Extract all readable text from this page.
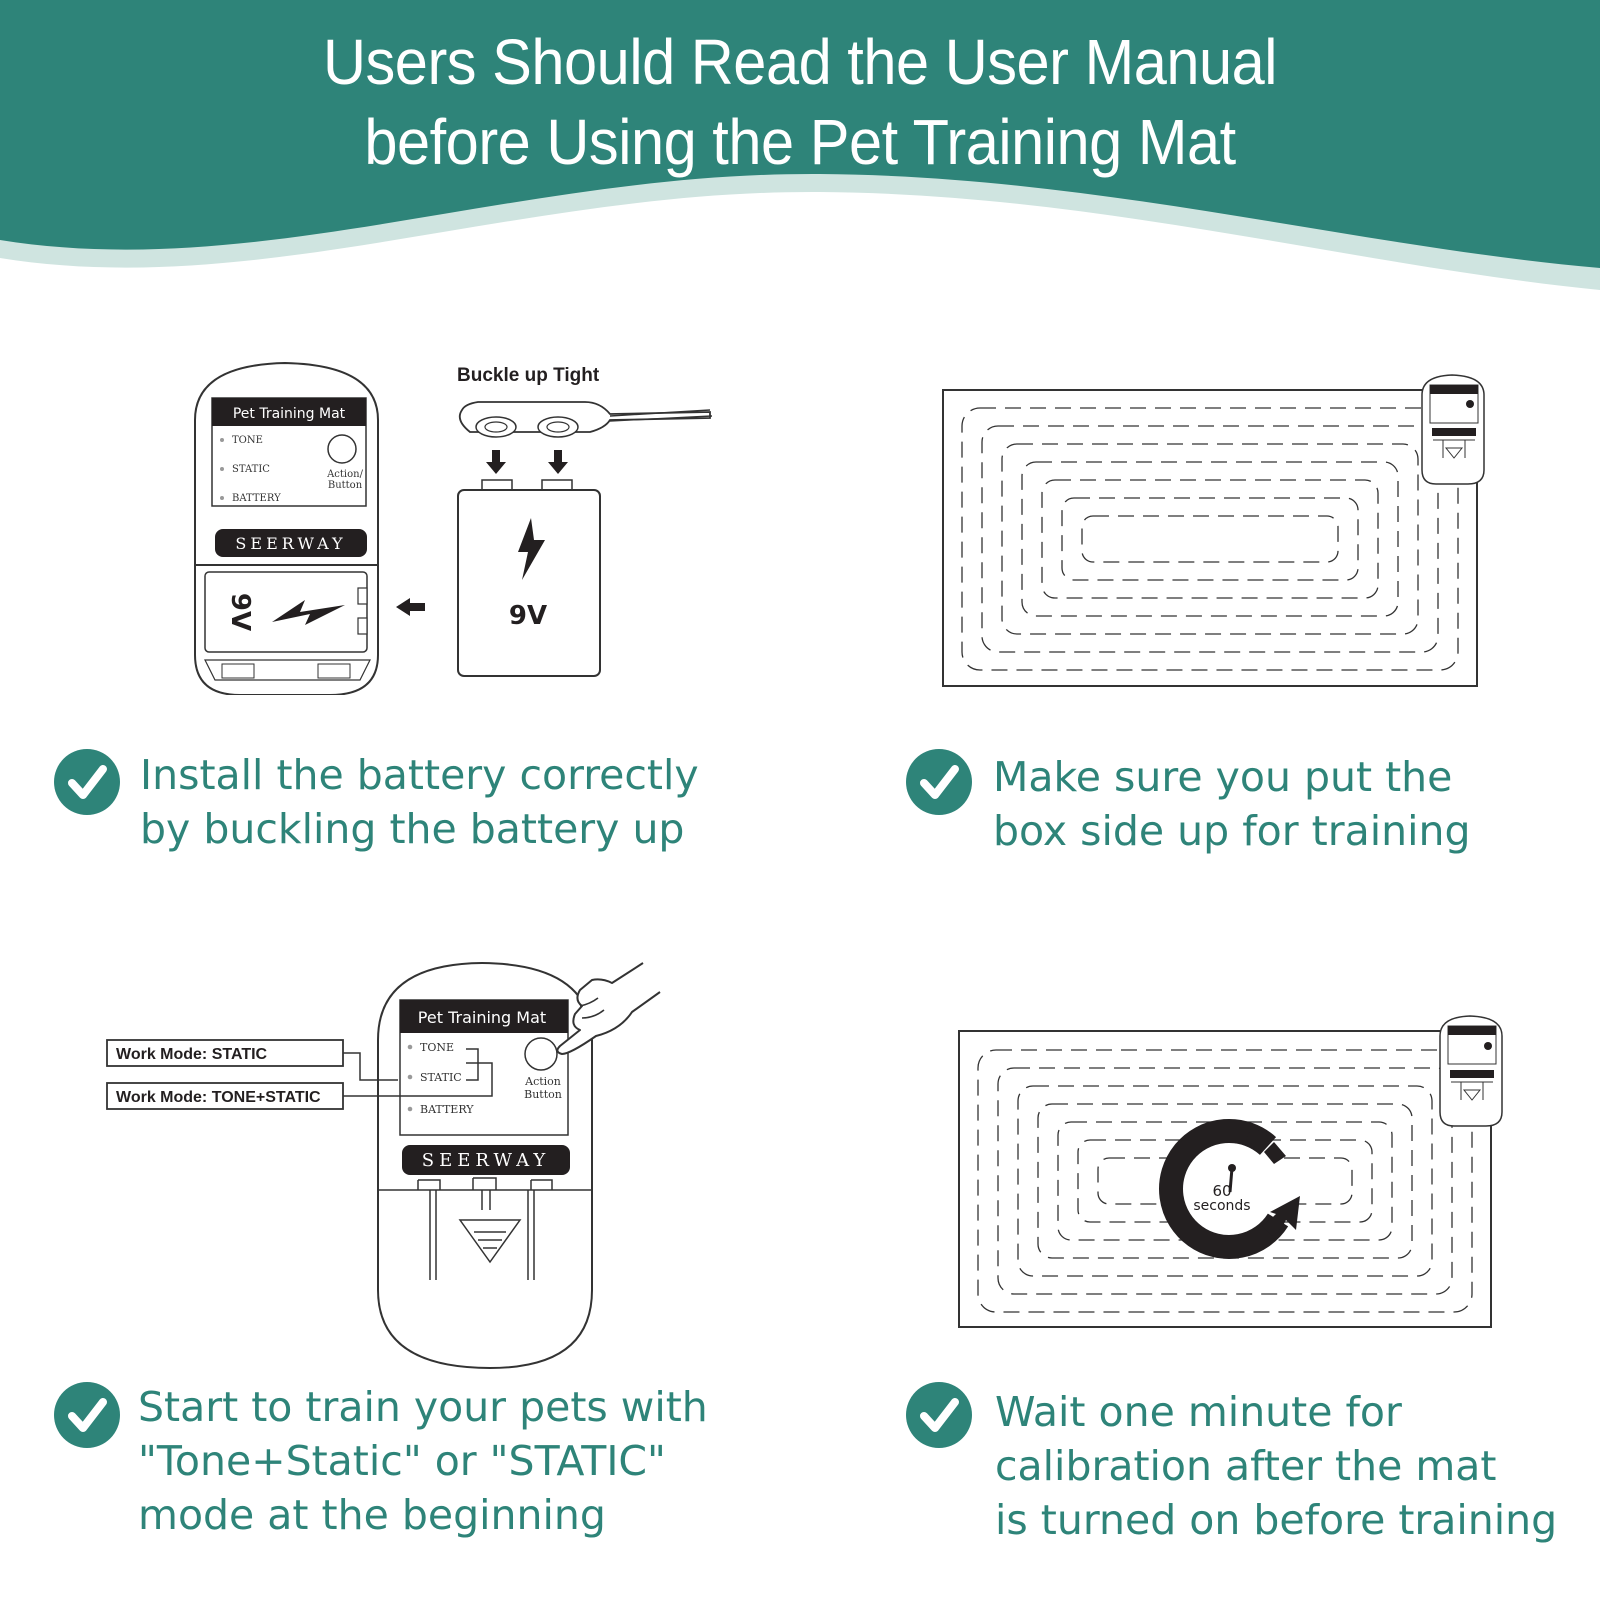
Users Should Read the User Manual
before Using the Pet Training Mat
Pet Training Mat
TONE
STATIC
BATTERY
Action/
Button
SEERWAY
9V
Buckle up Tight
9V
Pet Training Mat
TONE
STATIC
BATTERY
Action
Button
SEERWAY
Work Mode: STATIC
Work Mode: TONE+STATIC
60
seconds

Install the battery correctly
by buckling the battery up

Make sure you put the
box side up for training

Start to train your pets with
"Tone+Static" or "STATIC"
mode at the beginning

Wait one minute for
calibration after the mat
is turned on before training
